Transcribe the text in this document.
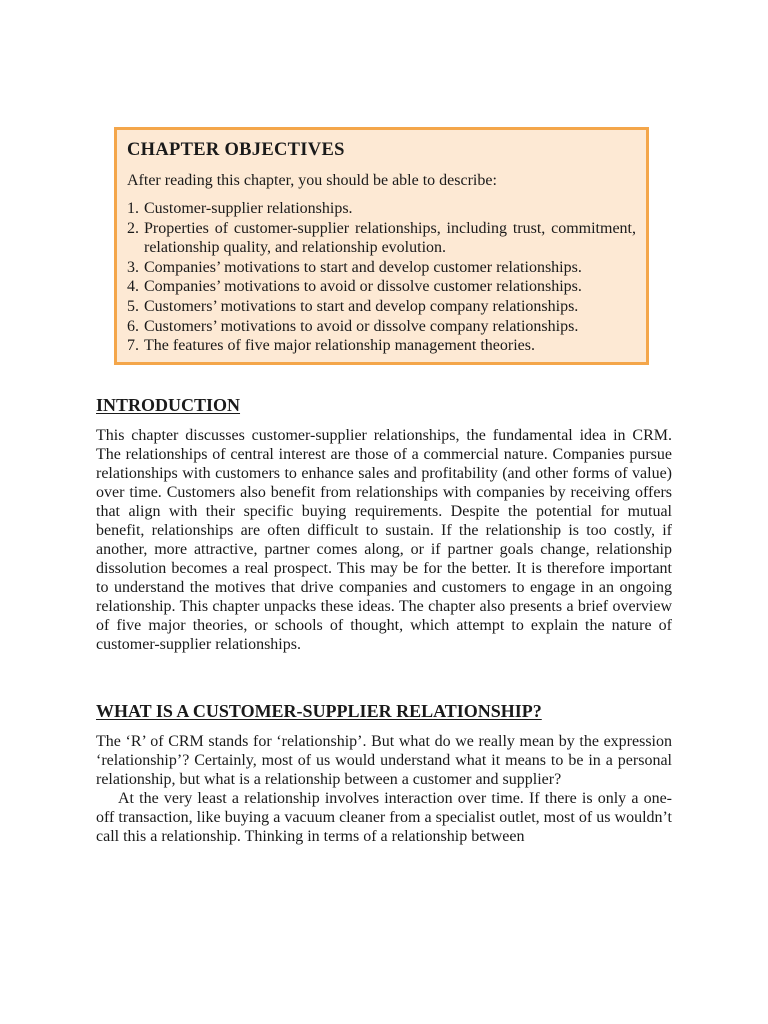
CHAPTER OBJECTIVES

After reading this chapter, you should be able to describe:

1. Customer-supplier relationships.
2. Properties of customer-supplier relationships, including trust, commitment, relationship quality, and relationship evolution.
3. Companies’ motivations to start and develop customer relationships.
4. Companies’ motivations to avoid or dissolve customer relationships.
5. Customers’ motivations to start and develop company relationships.
6. Customers’ motivations to avoid or dissolve company relationships.
7. The features of five major relationship management theories.
INTRODUCTION

This chapter discusses customer-supplier relationships, the fundamental idea in CRM. The relationships of central interest are those of a commercial nature. Companies pursue relationships with customers to enhance sales and profitability (and other forms of value) over time. Customers also benefit from relationships with companies by receiving offers that align with their specific buying requirements. Despite the potential for mutual benefit, relationships are often difficult to sustain. If the relationship is too costly, if another, more attractive, partner comes along, or if partner goals change, relationship dissolution becomes a real prospect. This may be for the better. It is therefore important to understand the motives that drive companies and customers to engage in an ongoing relationship. This chapter unpacks these ideas. The chapter also presents a brief overview of five major theories, or schools of thought, which attempt to explain the nature of customer-supplier relationships.

WHAT IS A CUSTOMER-SUPPLIER RELATIONSHIP?

The ‘R’ of CRM stands for ‘relationship’. But what do we really mean by the expression ‘relationship’? Certainly, most of us would understand what it means to be in a personal relationship, but what is a relationship between a customer and supplier?

At the very least a relationship involves interaction over time. If there is only a one-off transaction, like buying a vacuum cleaner from a specialist outlet, most of us wouldn’t call this a relationship. Thinking in terms of a relationship between
